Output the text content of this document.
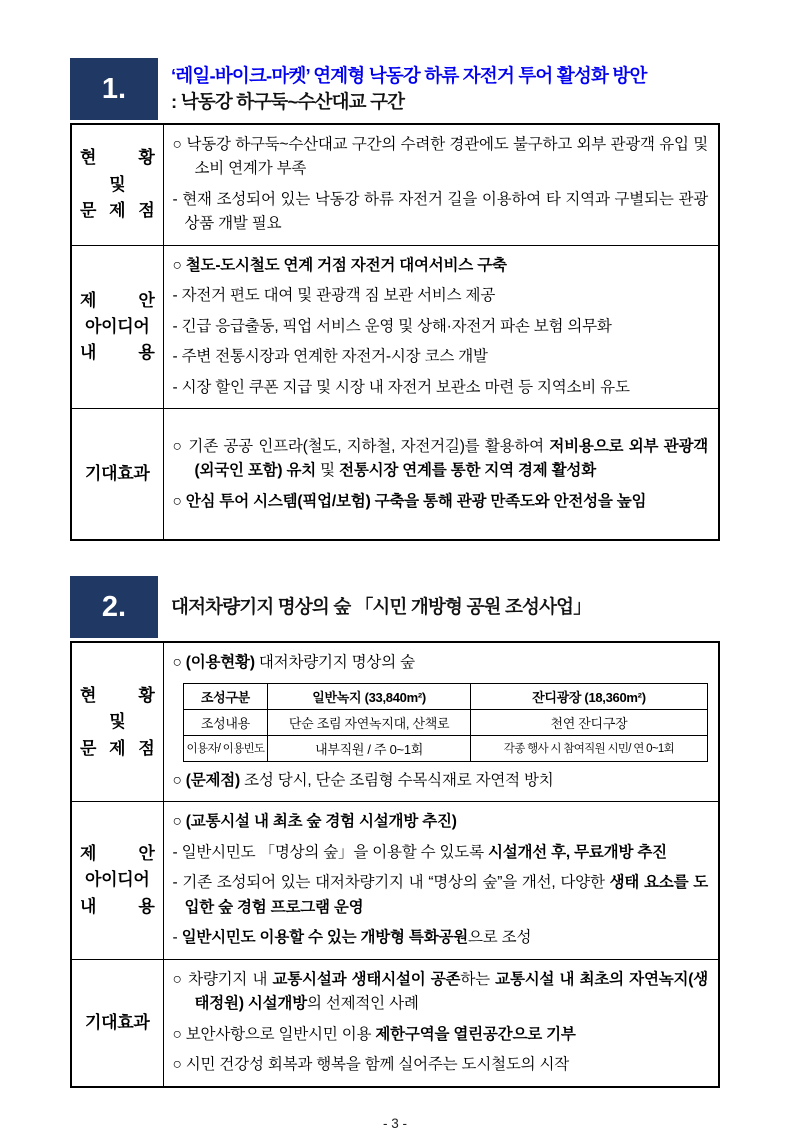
1.	‘레일-바이크-마켓’ 연계형 낙동강 하류 자전거 투어 활성화 방안
: 낙동강 하구둑~수산대교 구간
현 황
및
문 제 점

○ 낙동강 하구둑~수산대교 구간의 수려한 경관에도 불구하고 외부 관광객 유입 및 소비 연계가 부족
- 현재 조성되어 있는 낙동강 하류 자전거 길을 이용하여 타 지역과 구별되는 관광 상품 개발 필요

제 안
아이디어
내 용

○ 철도-도시철도 연계 거점 자전거 대여서비스 구축
- 자전거 편도 대여 및 관광객 짐 보관 서비스 제공
- 긴급 응급출동, 픽업 서비스 운영 및 상해·자전거 파손 보험 의무화
- 주변 전통시장과 연계한 자전거-시장 코스 개발
- 시장 할인 쿠폰 지급 및 시장 내 자전거 보관소 마련 등 지역소비 유도

기대효과	○ 기존 공공 인프라(철도, 지하철, 자전거길)를 활용하여 저비용으로 외부 관광객(외국인 포함) 유치 및 전통시장 연계를 통한 지역 경제 활성화
○ 안심 투어 시스템(픽업/보험) 구축을 통해 관광 만족도와 안전성을 높임
2.	대저차량기지 명상의 숲 「시민 개방형 공원 조성사업」
현 황
및
문 제 점

○ (이용현황) 대저차량기지 명상의 숲
조성구분	일반녹지 (33,840m²)	잔디광장 (18,360m²)
조성내용	단순 조림 자연녹지대, 산책로	천연 잔디구장
이용자/ 이용빈도	내부직원 / 주 0~1회	각종 행사 시 참여직원 시민/ 연 0~1회
○ (문제점) 조성 당시, 단순 조림형 수목식재로 자연적 방치

제 안
아이디어
내 용

○ (교통시설 내 최초 숲 경험 시설개방 추진)
- 일반시민도 「명상의 숲」을 이용할 수 있도록 시설개선 후, 무료개방 추진
- 기존 조성되어 있는 대저차량기지 내 “명상의 숲”을 개선, 다양한 생태 요소를 도입한 숲 경험 프로그램 운영
- 일반시민도 이용할 수 있는 개방형 특화공원으로 조성

기대효과

○ 차량기지 내 교통시설과 생태시설이 공존하는 교통시설 내 최초의 자연녹지(생태정원) 시설개방의 선제적인 사례
○ 보안사항으로 일반시민 이용 제한구역을 열린공간으로 기부
○ 시민 건강성 회복과 행복을 함께 실어주는 도시철도의 시작
- 3 -
